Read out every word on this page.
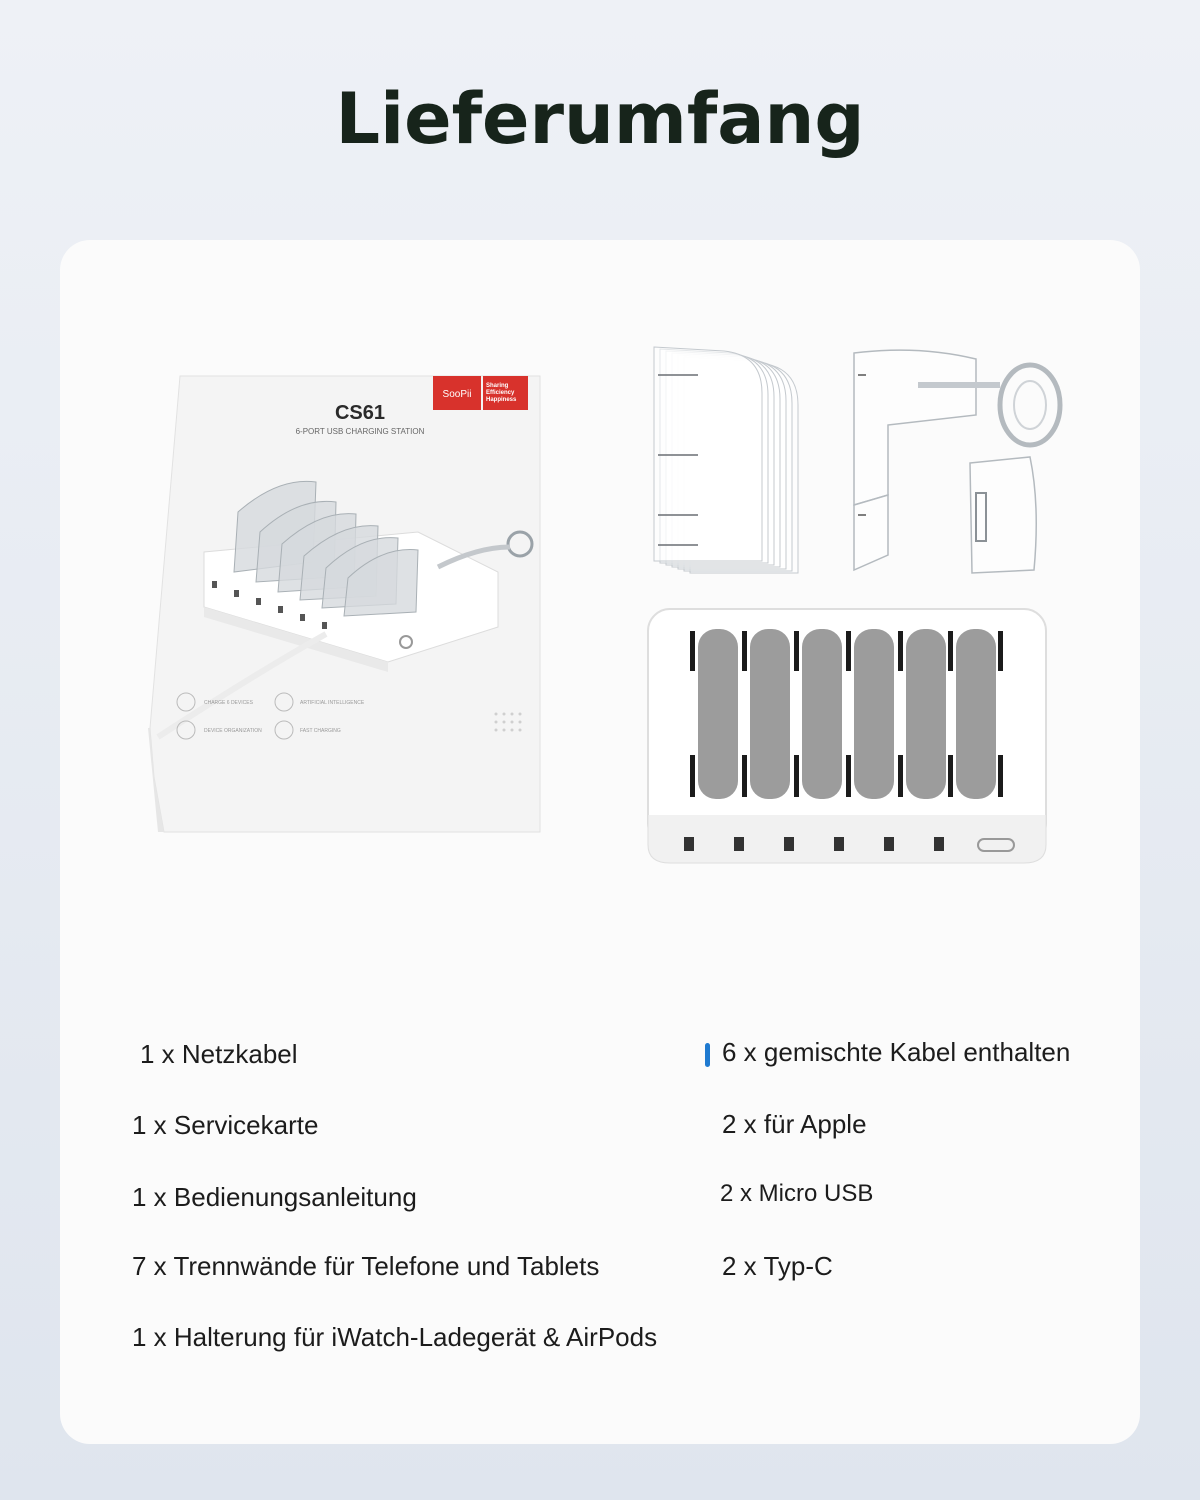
Lieferumfang
SooPii
Sharing
Efficiency
Happiness
CS61
6-PORT USB CHARGING STATION
CHARGE 6 DEVICES	ARTIFICIAL INTELLIGENCE
DEVICE ORGANIZATION	FAST CHARGING
1 x Netzkabel
1 x Servicekarte
1 x Bedienungsanleitung
7 x Trennwände für Telefone und Tablets
1 x Halterung für iWatch-Ladegerät & AirPods
6 x gemischte Kabel enthalten
2 x für Apple
2 x Micro USB
2 x Typ-C
